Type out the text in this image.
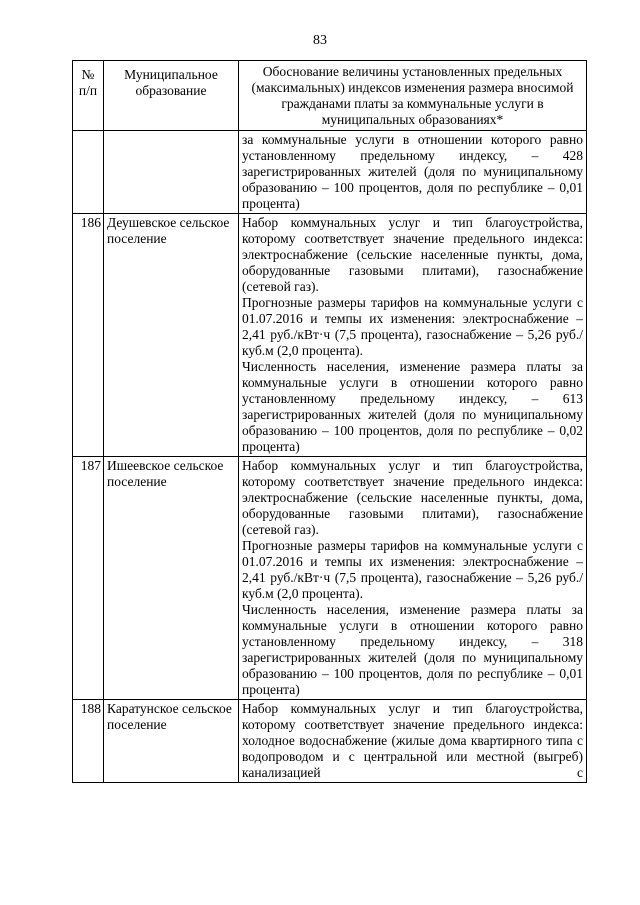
83
№ п/п	Муниципальное образование	Обоснование величины установленных предельных (максимальных) индексов изменения размера вносимой гражданами платы за коммунальные услуги в муниципальных образованиях*

		за коммунальные услуги в отношении которого равно установленному предельному индексу, – 428 зарегистрированных жителей (доля по муниципальному образованию – 100 процентов, доля по республике – 0,01 процента)

186	Деушевское сельское поселение	Набор коммунальных услуг и тип благоустройства, которому соответствует значение предельного индекса: электроснабжение (сельские населенные пункты, дома, оборудованные газовыми плитами), газоснабжение (сетевой газ).

Прогнозные размеры тарифов на коммунальные услуги с 01.07.2016 и темпы их изменения: электроснабжение – 2,41 руб./кВт·ч (7,5 процента), газоснабжение – 5,26 руб./куб.м (2,0 процента).

Численность населения, изменение размера платы за коммунальные услуги в отношении которого равно установленному предельному индексу, – 613 зарегистрированных жителей (доля по муниципальному образованию – 100 процентов, доля по республике – 0,02 процента)

187	Ишеевское сельское поселение	Набор коммунальных услуг и тип благоустройства, которому соответствует значение предельного индекса: электроснабжение (сельские населенные пункты, дома, оборудованные газовыми плитами), газоснабжение (сетевой газ).

Прогнозные размеры тарифов на коммунальные услуги с 01.07.2016 и темпы их изменения: электроснабжение – 2,41 руб./кВт·ч (7,5 процента), газоснабжение – 5,26 руб./куб.м (2,0 процента).

Численность населения, изменение размера платы за коммунальные услуги в отношении которого равно установленному предельному индексу, – 318 зарегистрированных жителей (доля по муниципальному образованию – 100 процентов, доля по республике – 0,01 процента)

188	Каратунское сельское поселение	Набор коммунальных услуг и тип благоустройства, которому соответствует значение предельного индекса: холодное водоснабжение (жилые дома квартирного типа с водопроводом и с центральной или местной (выгреб) канализацией с
